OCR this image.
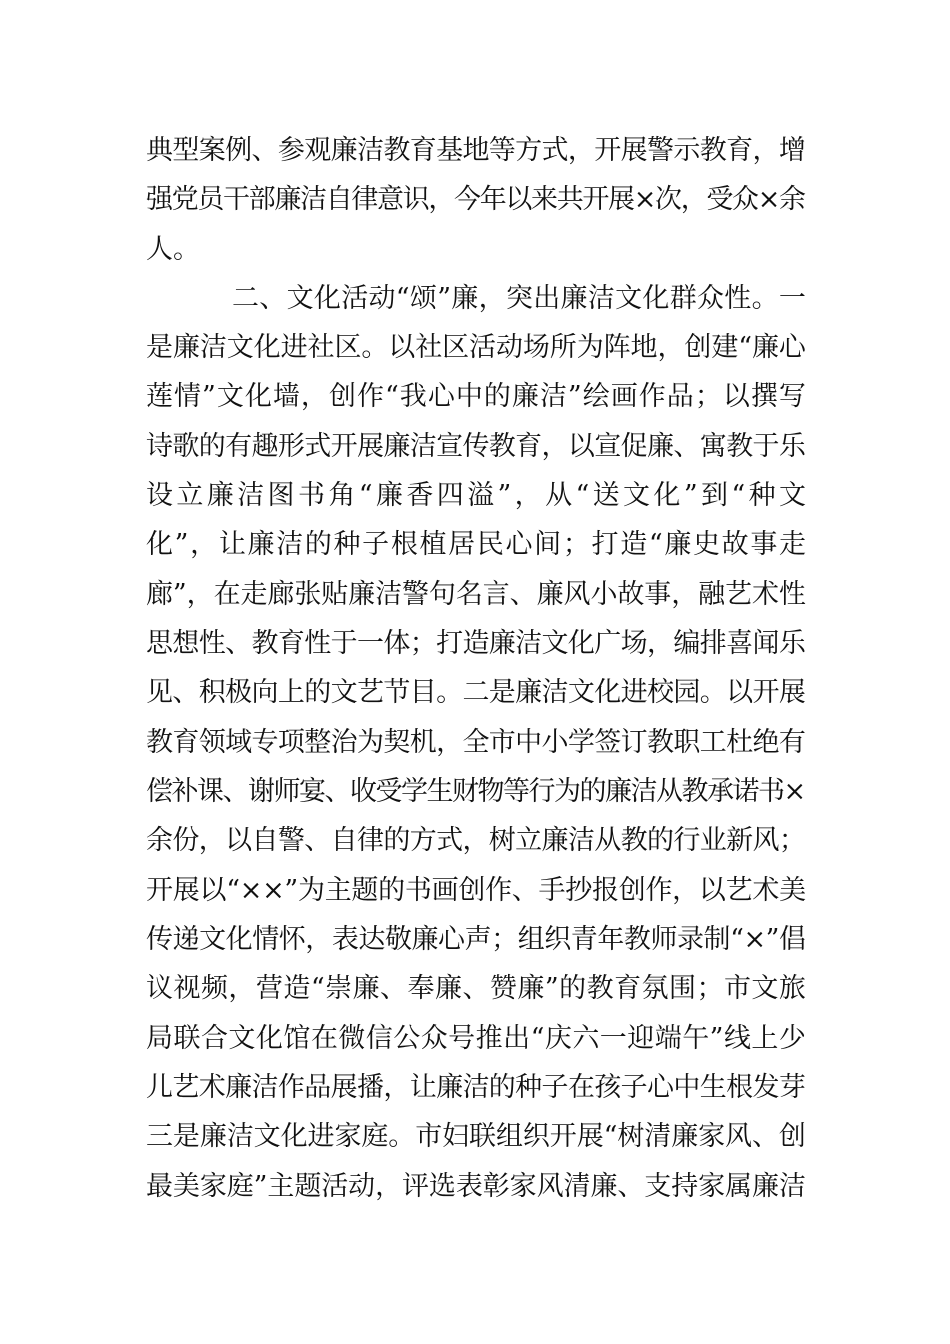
典型案例、参观廉洁教育基地等方式，开展警示教育，增
强党员干部廉洁自律意识，今年以来共开展×次，受众×余
人。
二、文化活动“颂”廉，突出廉洁文化群众性。一
是廉洁文化进社区。以社区活动场所为阵地，创建“廉心
莲情”文化墙，创作“我心中的廉洁”绘画作品；以撰写
诗歌的有趣形式开展廉洁宣传教育，以宣促廉、寓教于乐
设立廉洁图书角“廉香四溢”，从“送文化”到“种文
化”，让廉洁的种子根植居民心间；打造“廉史故事走
廊”，在走廊张贴廉洁警句名言、廉风小故事，融艺术性
思想性、教育性于一体；打造廉洁文化广场，编排喜闻乐
见、积极向上的文艺节目。二是廉洁文化进校园。以开展
教育领域专项整治为契机，全市中小学签订教职工杜绝有
偿补课、谢师宴、收受学生财物等行为的廉洁从教承诺书×
余份，以自警、自律的方式，树立廉洁从教的行业新风；
开展以“××”为主题的书画创作、手抄报创作，以艺术美
传递文化情怀，表达敬廉心声；组织青年教师录制“×”倡
议视频，营造“崇廉、奉廉、赞廉”的教育氛围；市文旅
局联合文化馆在微信公众号推出“庆六一迎端午”线上少
儿艺术廉洁作品展播，让廉洁的种子在孩子心中生根发芽
三是廉洁文化进家庭。市妇联组织开展“树清廉家风、创
最美家庭”主题活动，评选表彰家风清廉、支持家属廉洁
